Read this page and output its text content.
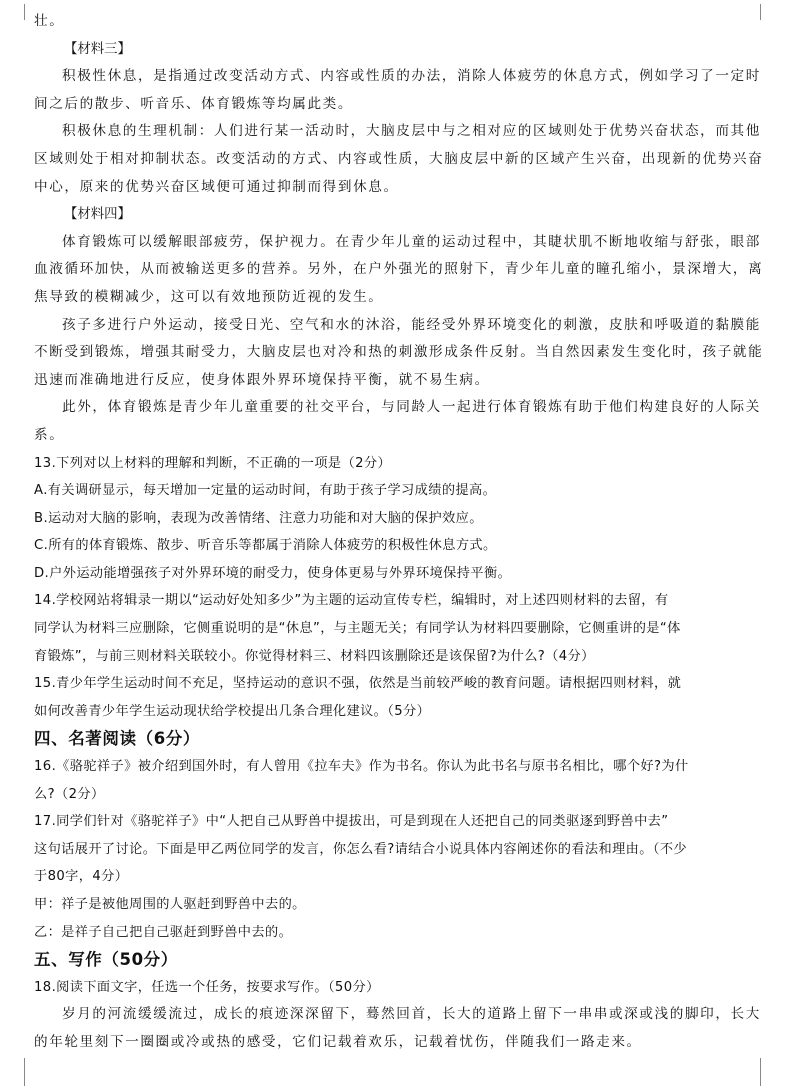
壮。
【材料三】
积极性休息，是指通过改变活动方式、内容或性质的办法，消除人体疲劳的休息方式，例如学习了一定时
间之后的散步、听音乐、体育锻炼等均属此类。
积极休息的生理机制：人们进行某一活动时，大脑皮层中与之相对应的区域则处于优势兴奋状态，而其他
区域则处于相对抑制状态。改变活动的方式、内容或性质，大脑皮层中新的区域产生兴奋，出现新的优势兴奋
中心，原来的优势兴奋区域便可通过抑制而得到休息。
【材料四】
体育锻炼可以缓解眼部疲劳，保护视力。在青少年儿童的运动过程中，其睫状肌不断地收缩与舒张，眼部
血液循环加快，从而被输送更多的营养。另外，在户外强光的照射下，青少年儿童的瞳孔缩小，景深增大，离
焦导致的模糊减少，这可以有效地预防近视的发生。
孩子多进行户外运动，接受日光、空气和水的沐浴，能经受外界环境变化的刺激，皮肤和呼吸道的黏膜能
不断受到锻炼，增强其耐受力，大脑皮层也对冷和热的刺激形成条件反射。当自然因素发生变化时，孩子就能
迅速而准确地进行反应，使身体跟外界环境保持平衡，就不易生病。
此外，体育锻炼是青少年儿童重要的社交平台，与同龄人一起进行体育锻炼有助于他们构建良好的人际关
系。
13.下列对以上材料的理解和判断，不正确的一项是（2分）
A.有关调研显示，每天增加一定量的运动时间，有助于孩子学习成绩的提高。
B.运动对大脑的影响，表现为改善情绪、注意力功能和对大脑的保护效应。
C.所有的体育锻炼、散步、听音乐等都属于消除人体疲劳的积极性休息方式。
D.户外运动能增强孩子对外界环境的耐受力，使身体更易与外界环境保持平衡。
14.学校网站将辑录一期以“运动好处知多少”为主题的运动宣传专栏，编辑时，对上述四则材料的去留，有
同学认为材料三应删除，它侧重说明的是“休息”，与主题无关；有同学认为材料四要删除，它侧重讲的是“体
育锻炼”，与前三则材料关联较小。你觉得材料三、材料四该删除还是该保留?为什么?（4分）
15.青少年学生运动时间不充足，坚持运动的意识不强，依然是当前较严峻的教育问题。请根据四则材料，就
如何改善青少年学生运动现状给学校提出几条合理化建议。（5分）
四、名著阅读（6分）
16.《骆驼祥子》被介绍到国外时，有人曾用《拉车夫》作为书名。你认为此书名与原书名相比，哪个好?为什
么?（2分）
17.同学们针对《骆驼祥子》中“人把自己从野兽中提拔出，可是到现在人还把自己的同类驱逐到野兽中去”
这句话展开了讨论。下面是甲乙两位同学的发言，你怎么看?请结合小说具体内容阐述你的看法和理由。（不少
于80字，4分）
甲：祥子是被他周围的人驱赶到野兽中去的。
乙：是祥子自己把自己驱赶到野兽中去的。
五、写作（50分）
18.阅读下面文字，任选一个任务，按要求写作。（50分）
岁月的河流缓缓流过，成长的痕迹深深留下，蓦然回首，长大的道路上留下一串串或深或浅的脚印，长大
的年轮里刻下一圈圈或冷或热的感受，它们记载着欢乐，记载着忧伤，伴随我们一路走来。
